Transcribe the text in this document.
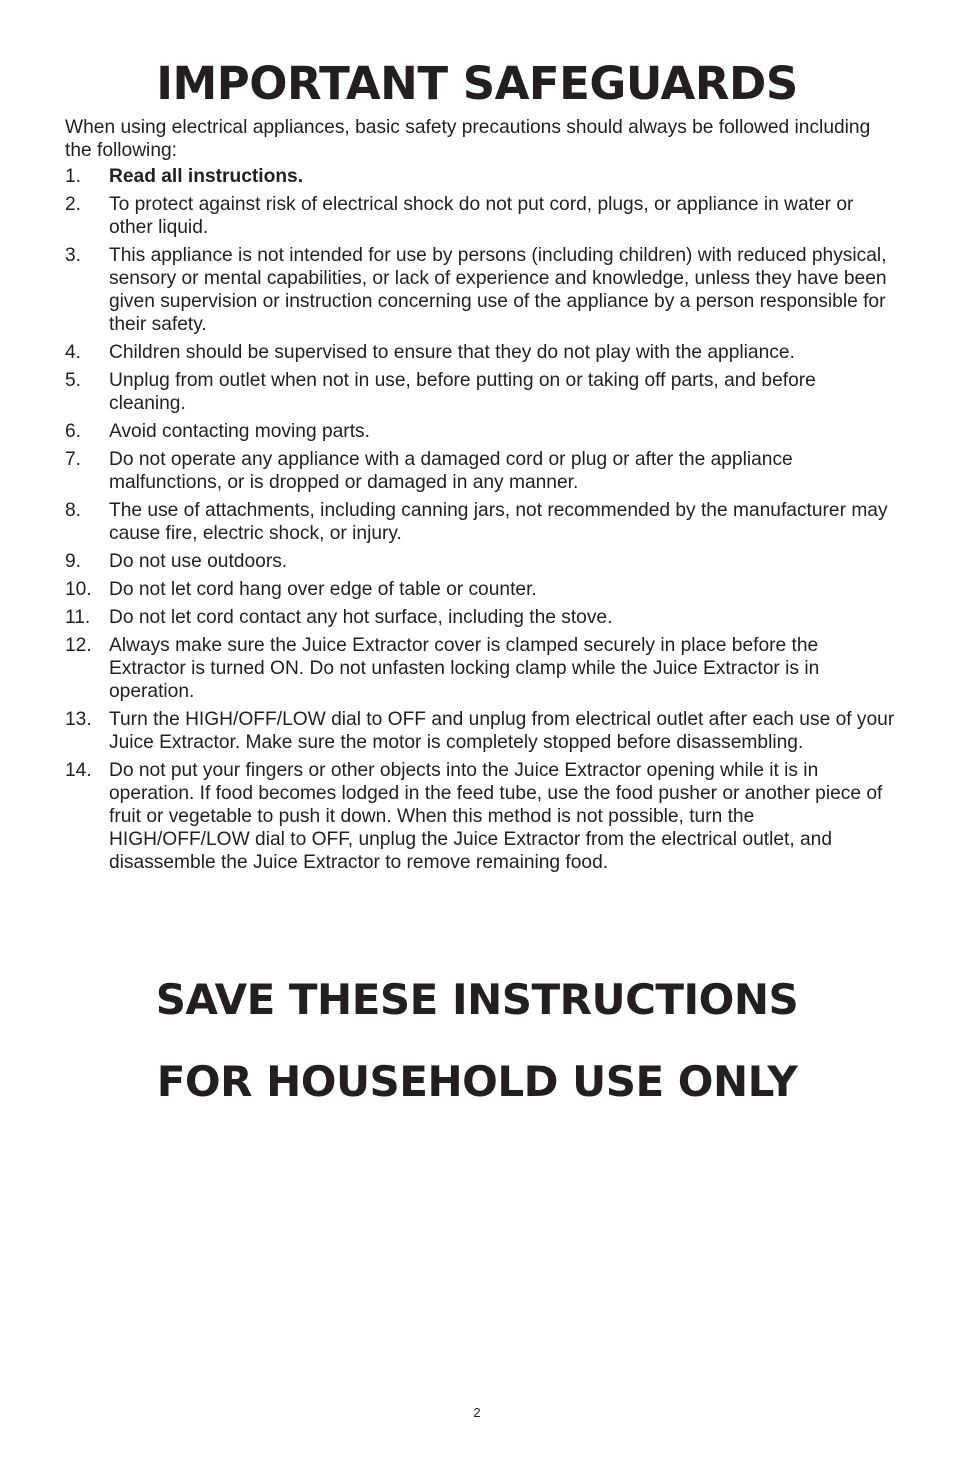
IMPORTANT SAFEGUARDS

When using electrical appliances, basic safety precautions should always be followed including the following:

1.	Read all instructions.
2.	To protect against risk of electrical shock do not put cord, plugs, or appliance in water or other liquid.
3.	This appliance is not intended for use by persons (including children) with reduced physical, sensory or mental capabilities, or lack of experience and knowledge, unless they have been given supervision or instruction concerning use of the appliance by a person responsible for their safety.
4.	Children should be supervised to ensure that they do not play with the appliance.
5.	Unplug from outlet when not in use, before putting on or taking off parts, and before cleaning.
6.	Avoid contacting moving parts.
7.	Do not operate any appliance with a damaged cord or plug or after the appliance malfunctions, or is dropped or damaged in any manner.
8.	The use of attachments, including canning jars, not recommended by the manufacturer may cause fire, electric shock, or injury.
9.	Do not use outdoors.
10. Do not let cord hang over edge of table or counter.
11. Do not let cord contact any hot surface, including the stove.
12. Always make sure the Juice Extractor cover is clamped securely in place before the Extractor is turned ON. Do not unfasten locking clamp while the Juice Extractor is in operation.
13. Turn the HIGH/OFF/LOW dial to OFF and unplug from electrical outlet after each use of your Juice Extractor. Make sure the motor is completely stopped before disassembling.
14. Do not put your fingers or other objects into the Juice Extractor opening while it is in operation. If food becomes lodged in the feed tube, use the food pusher or another piece of fruit or vegetable to push it down. When this method is not possible, turn the HIGH/OFF/LOW dial to OFF, unplug the Juice Extractor from the electrical outlet, and disassemble the Juice Extractor to remove remaining food.
SAVE THESE INSTRUCTIONS
FOR HOUSEHOLD USE ONLY
2
